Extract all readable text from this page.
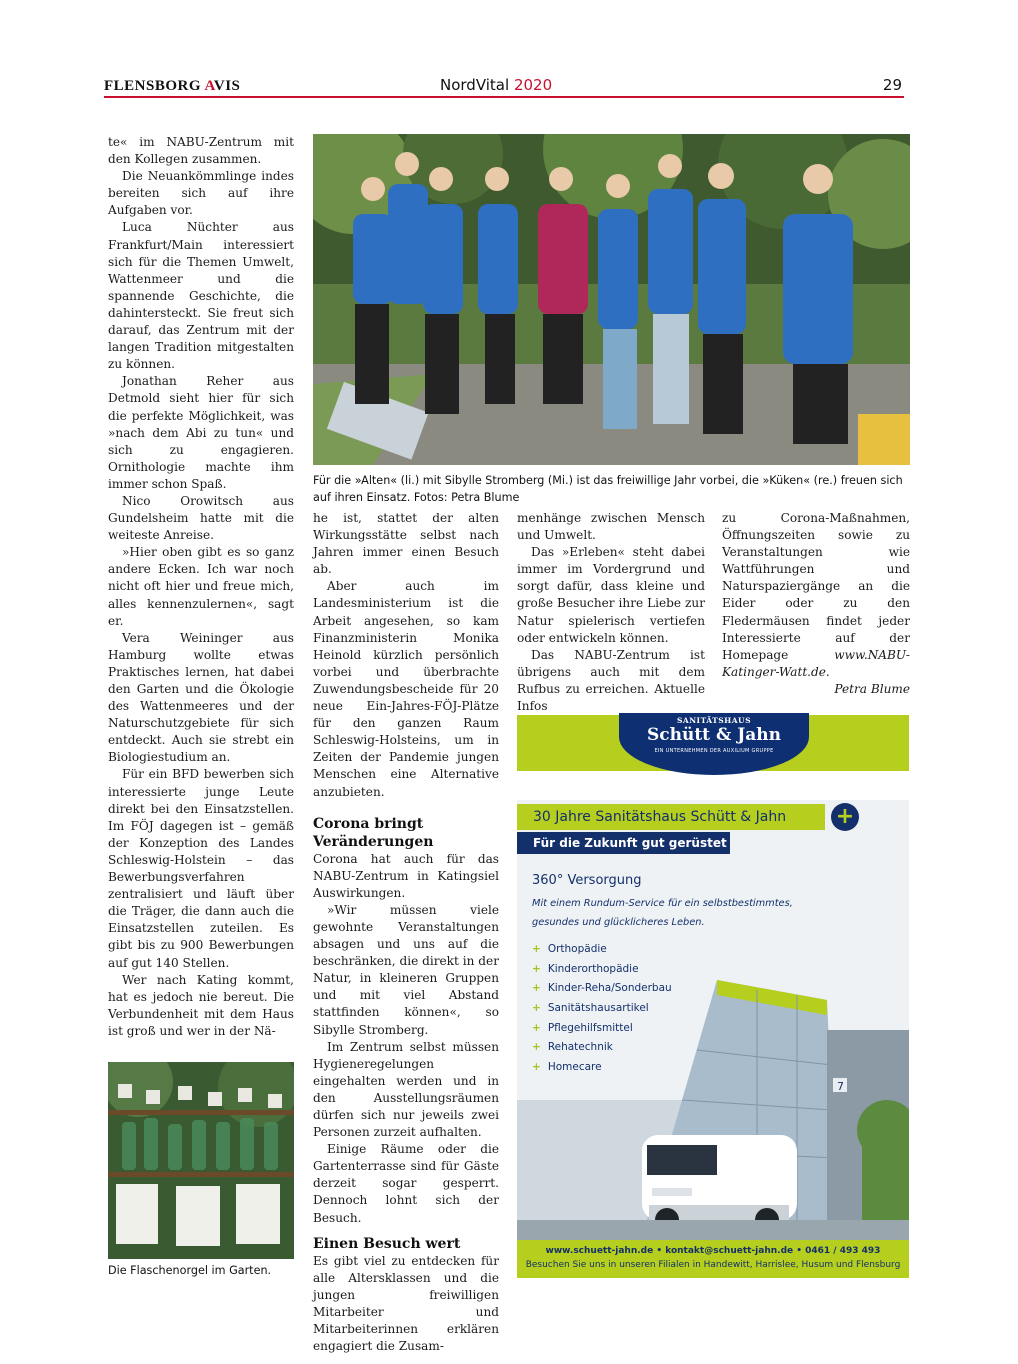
FLENSBORG AVIS	NordVital 2020	29

te« im NABU-Zentrum mit den Kollegen zusammen.

Die Neuankömmlinge indes bereiten sich auf ihre Aufgaben vor.

Luca Nüchter aus Frankfurt/Main interessiert sich für die Themen Umwelt, Wattenmeer und die spannende Geschichte, die dahintersteckt. Sie freut sich darauf, das Zentrum mit der langen Tradition mitgestalten zu können.

Jonathan Reher aus Detmold sieht hier für sich die perfekte Möglichkeit, was »nach dem Abi zu tun« und sich zu engagieren. Ornithologie machte ihm immer schon Spaß.

Nico Orowitsch aus Gundelsheim hatte mit die weiteste Anreise.

»Hier oben gibt es so ganz andere Ecken. Ich war noch nicht oft hier und freue mich, alles kennenzulernen«, sagt er.

Vera Weininger aus Hamburg wollte etwas Praktisches lernen, hat dabei den Garten und die Ökologie des Wattenmeeres und der Naturschutzgebiete für sich entdeckt. Auch sie strebt ein Biologiestudium an.

Für ein BFD bewerben sich interessierte junge Leute direkt bei den Einsatzstellen. Im FÖJ dagegen ist – gemäß der Konzeption des Landes Schleswig-Holstein – das Bewerbungsverfahren zentralisiert und läuft über die Träger, die dann auch die Einsatzstellen zuteilen. Es gibt bis zu 900 Bewerbungen auf gut 140 Stellen.

Wer nach Kating kommt, hat es jedoch nie bereut. Die Verbundenheit mit dem Haus ist groß und wer in der Nä-

Für die »Alten« (li.) mit Sibylle Stromberg (Mi.) ist das freiwillige Jahr vorbei, die »Küken« (re.) freuen sich auf ihren Einsatz. Fotos: Petra Blume

he ist, stattet der alten Wirkungsstätte selbst nach Jahren immer einen Besuch ab.

Aber auch im Landesministerium ist die Arbeit angesehen, so kam Finanzministerin Monika Heinold kürzlich persönlich vorbei und überbrachte Zuwendungsbescheide für 20 neue Ein-Jahres-FÖJ-Plätze für den ganzen Raum Schleswig-Holsteins, um in Zeiten der Pandemie jungen Menschen eine Alternative anzubieten.

Corona bringt Veränderungen

Corona hat auch für das NABU-Zentrum in Katingsiel Auswirkungen.

»Wir müssen viele gewohnte Veranstaltungen absagen und uns auf die beschränken, die direkt in der Natur, in kleineren Gruppen und mit viel Abstand stattfinden können«, so Sibylle Stromberg.

Im Zentrum selbst müssen Hygieneregelungen eingehalten werden und in den Ausstellungsräumen dürfen sich nur jeweils zwei Personen zurzeit aufhalten.

Einige Räume oder die Gartenterrasse sind für Gäste derzeit sogar gesperrt. Dennoch lohnt sich der Besuch.

Einen Besuch wert

Es gibt viel zu entdecken für alle Altersklassen und die jungen freiwilligen Mitarbeiter und Mitarbeiterinnen erklären engagiert die Zusam-

menhänge zwischen Mensch und Umwelt.

Das »Erleben« steht dabei immer im Vordergrund und sorgt dafür, dass kleine und große Besucher ihre Liebe zur Natur spielerisch vertiefen oder entwickeln können.

Das NABU-Zentrum ist übrigens auch mit dem Rufbus zu erreichen. Aktuelle Infos

zu Corona-Maßnahmen, Öffnungszeiten sowie zu Veranstaltungen wie Wattführungen und Naturspaziergänge an die Eider oder zu den Fledermäusen findet jeder Interessierte auf der Homepage www.NABU-Katinger-Watt.de.

Petra Blume

Die Flaschenorgel im Garten.
SANITÄTSHAUS
Schütt & Jahn
EIN UNTERNEHMEN DER AUXILIUM GRUPPE
7
30 Jahre Sanitätshaus Schütt & Jahn	+
Für die Zukunft gut gerüstet
360° Versorgung
Mit einem Rundum-Service für ein selbstbestimmtes, gesundes und glücklicheres Leben.
+ Orthopädie
+ Kinderorthopädie
+ Kinder-Reha/Sonderbau
+ Sanitätshausartikel
+ Pflegehilfsmittel
+ Rehatechnik
+ Homecare
www.schuett-jahn.de • kontakt@schuett-jahn.de • 0461 / 493 493
Besuchen Sie uns in unseren Filialen in Handewitt, Harrislee, Husum und Flensburg
